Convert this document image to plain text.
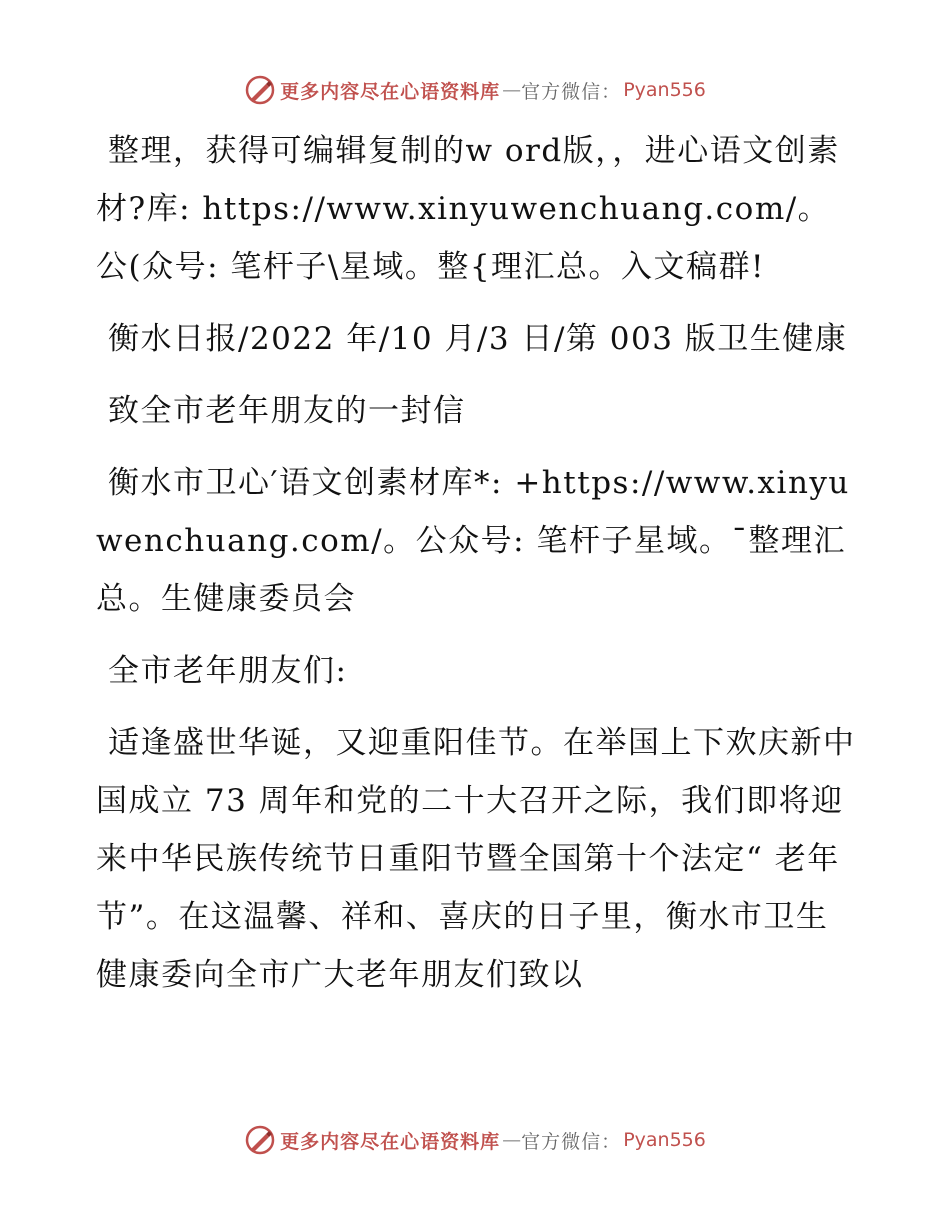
更多内容尽在心语资料库 — 官方微信： Pyan556

整理，获得可编辑复制的w ord版，，进心语文创素材?库: https://www.xinyuwenchuang.com/。公(众号: 笔杆子\星域。整{理汇总。入文稿群!

衡水日报/2022 年/10 月/3 日/第 003 版卫生健康

致全市老年朋友的一封信

衡水市卫心′语文创素材库*: +https://www.xinyuwenchuang.com/。公众号: 笔杆子星域。¯整理汇总。生健康委员会

全市老年朋友们:

适逢盛世华诞，又迎重阳佳节。在举国上下欢庆新中国成立 73 周年和党的二十大召开之际，我们即将迎来中华民族传统节日重阳节暨全国第十个法定“ 老年节”。在这温馨、祥和、喜庆的日子里，衡水市卫生健康委向全市广大老年朋友们致以

更多内容尽在心语资料库 — 官方微信： Pyan556
